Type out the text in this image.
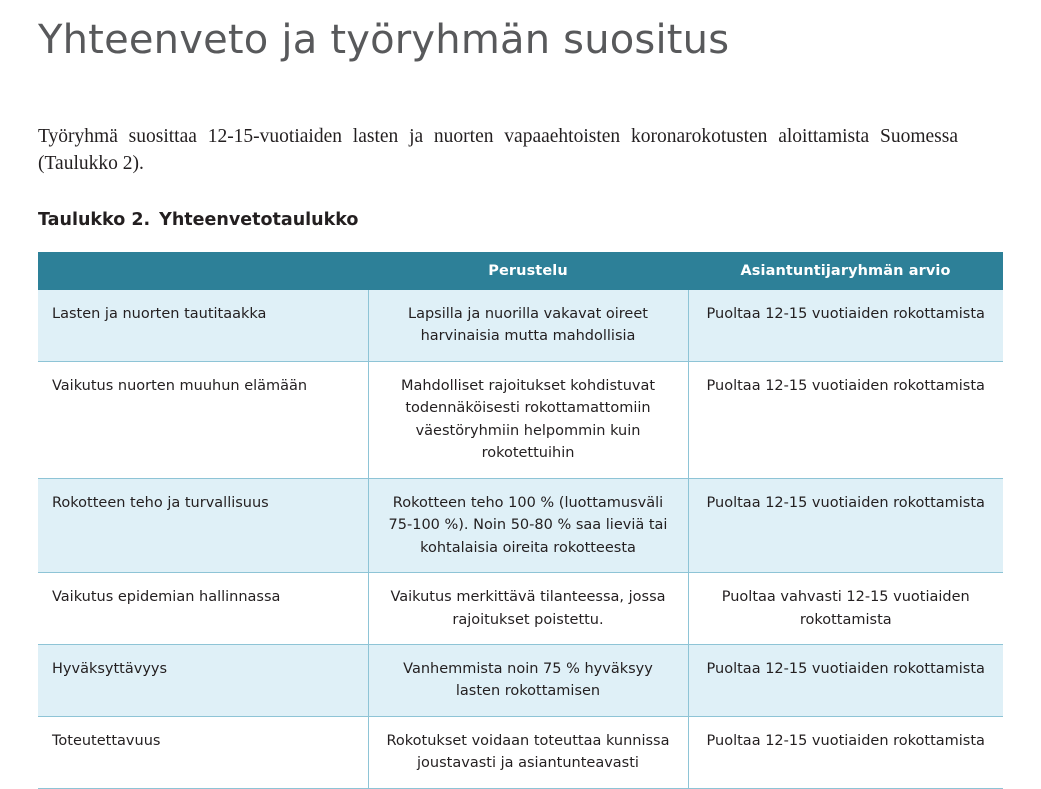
Yhteenveto ja työryhmän suositus

Työryhmä suosittaa 12-15-vuotiaiden lasten ja nuorten vapaaehtoisten koronarokotusten aloittamista Suomessa (Taulukko 2).

Taulukko 2. Yhteenvetotaulukko
	Perustelu	Asiantuntijaryhmän arvio
Lasten ja nuorten tautitaakka	Lapsilla ja nuorilla vakavat oireet harvinaisia mutta mahdollisia	Puoltaa 12-15 vuotiaiden rokottamista
Vaikutus nuorten muuhun elämään	Mahdolliset rajoitukset kohdistuvat todennäköisesti rokottamattomiin väestöryhmiin helpommin kuin rokotettuihin	Puoltaa 12-15 vuotiaiden rokottamista
Rokotteen teho ja turvallisuus	Rokotteen teho 100 % (luottamusväli 75-100 %). Noin 50-80 % saa lieviä tai kohtalaisia oireita rokotteesta	Puoltaa 12-15 vuotiaiden rokottamista
Vaikutus epidemian hallinnassa	Vaikutus merkittävä tilanteessa, jossa rajoitukset poistettu.	Puoltaa vahvasti 12-15 vuotiaiden rokottamista
Hyväksyttävyys	Vanhemmista noin 75 % hyväksyy lasten rokottamisen	Puoltaa 12-15 vuotiaiden rokottamista
Toteutettavuus	Rokotukset voidaan toteuttaa kunnissa joustavasti ja asiantunteavasti	Puoltaa 12-15 vuotiaiden rokottamista
